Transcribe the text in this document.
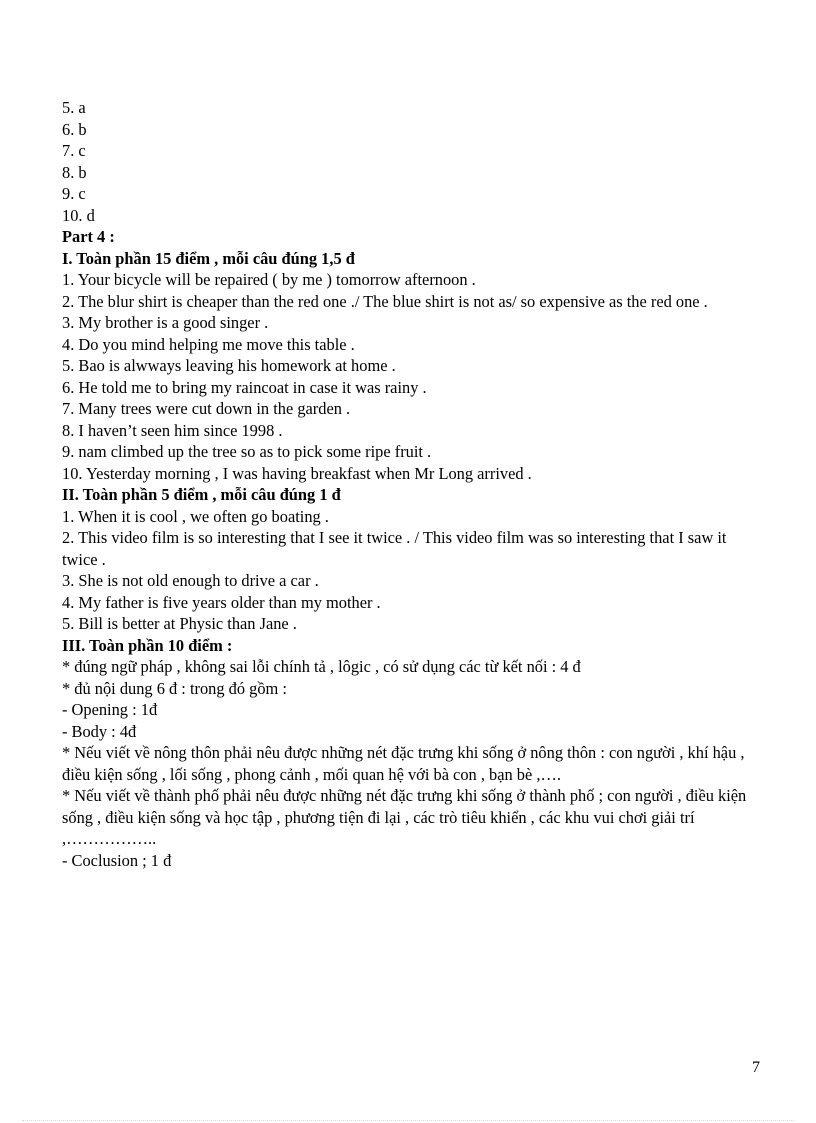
5. a
6. b
7. c
8. b
9. c
10. d
Part 4 :
I. Toàn phần 15 điểm , mỗi câu đúng 1,5 đ
1. Your bicycle will be repaired ( by me ) tomorrow afternoon .
2. The blur shirt is cheaper than the red one ./ The blue shirt is not as/ so expensive as the red one .
3. My brother is a good singer .
4. Do you mind helping me move this table .
5. Bao is alwways leaving his homework at home .
6. He told me to bring my raincoat in case it was rainy .
7. Many trees were cut down in the garden .
8. I haven’t seen him since 1998 .
9. nam climbed up the tree so as to pick some ripe fruit .
10. Yesterday morning , I was having breakfast when Mr Long arrived .
II. Toàn phần 5 điểm , mỗi câu đúng 1 đ
1. When it is cool , we often go boating .
2. This video film is so interesting that I see it twice . / This video film was so interesting that I saw it twice .
3. She is not old enough to drive a car .
4. My father is five years older than my mother .
5. Bill is better at Physic than Jane .
III. Toàn phần 10 điểm :
* đúng ngữ pháp , không sai lỗi chính tả , lôgic , có sử dụng các từ kết nối : 4 đ
* đủ nội dung 6 đ : trong đó gồm :
- Opening : 1đ
- Body : 4đ
* Nếu viết về nông thôn phải nêu được những nét đặc trưng khi sống ở nông thôn : con người , khí hậu , điều kiện sống , lối sống , phong cảnh , mối quan hệ với bà con , bạn bè ,….
* Nếu viết về thành phố phải nêu được những nét đặc trưng khi sống ở thành phố ; con người , điều kiện sống , điều kiện sống và học tập , phương tiện đi lại , các trò tiêu khiển , các khu vui chơi giải trí ,……………..
- Coclusion ; 1 đ
7
